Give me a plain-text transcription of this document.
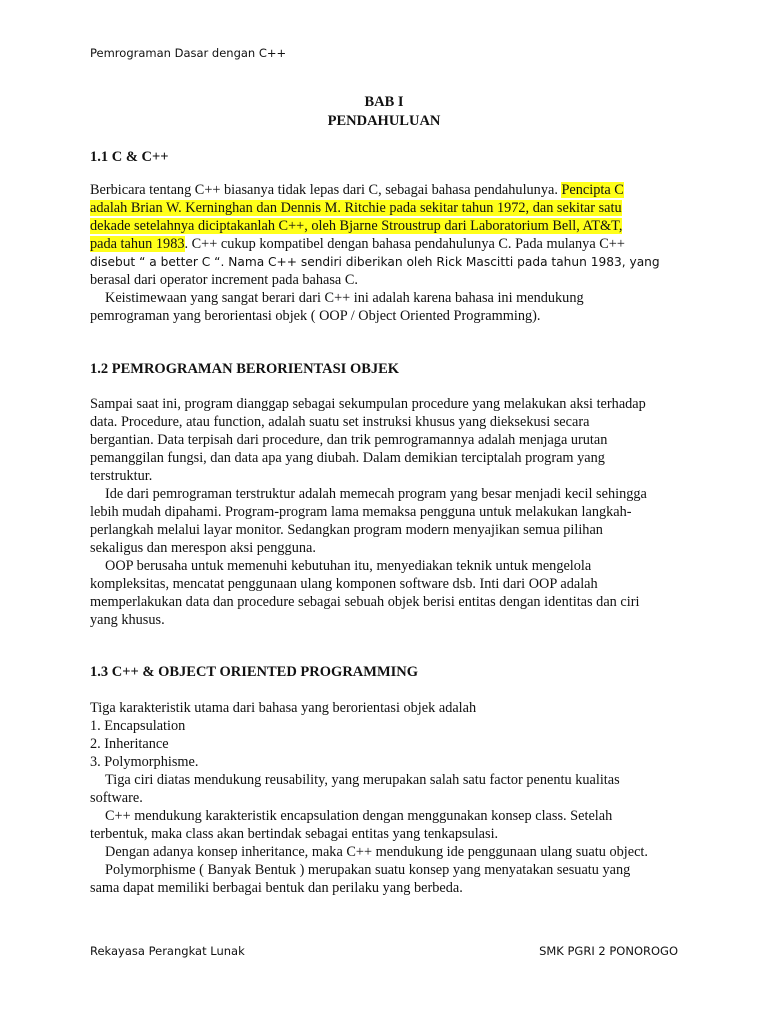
Pemrograman Dasar dengan C++
BAB I
PENDAHULUAN
1.1 C & C++
Berbicara tentang C++ biasanya tidak lepas dari C, sebagai bahasa pendahulunya. Pencipta C
adalah Brian W. Kerninghan dan Dennis M. Ritchie pada sekitar tahun 1972, dan sekitar satu
dekade setelahnya diciptakanlah C++, oleh Bjarne Stroustrup dari Laboratorium Bell, AT&T,
pada tahun 1983. C++ cukup kompatibel dengan bahasa pendahulunya C. Pada mulanya C++
disebut “ a better C “. Nama C++ sendiri diberikan oleh Rick Mascitti pada tahun 1983, yang
berasal dari operator increment pada bahasa C.
Keistimewaan yang sangat berari dari C++ ini adalah karena bahasa ini mendukung
pemrograman yang berorientasi objek ( OOP / Object Oriented Programming).
1.2 PEMROGRAMAN BERORIENTASI OBJEK
Sampai saat ini, program dianggap sebagai sekumpulan procedure yang melakukan aksi terhadap
data. Procedure, atau function, adalah suatu set instruksi khusus yang dieksekusi secara
bergantian. Data terpisah dari procedure, dan trik pemrogramannya adalah menjaga urutan
pemanggilan fungsi, dan data apa yang diubah. Dalam demikian terciptalah program yang
terstruktur.
Ide dari pemrograman terstruktur adalah memecah program yang besar menjadi kecil sehingga
lebih mudah dipahami. Program-program lama memaksa pengguna untuk melakukan langkah-
perlangkah melalui layar monitor. Sedangkan program modern menyajikan semua pilihan
sekaligus dan merespon aksi pengguna.
OOP berusaha untuk memenuhi kebutuhan itu, menyediakan teknik untuk mengelola
kompleksitas, mencatat penggunaan ulang komponen software dsb. Inti dari OOP adalah
memperlakukan data dan procedure sebagai sebuah objek berisi entitas dengan identitas dan ciri
yang khusus.
1.3 C++ & OBJECT ORIENTED PROGRAMMING
Tiga karakteristik utama dari bahasa yang berorientasi objek adalah
1. Encapsulation
2. Inheritance
3. Polymorphisme.
Tiga ciri diatas mendukung reusability, yang merupakan salah satu factor penentu kualitas
software.
C++ mendukung karakteristik encapsulation dengan menggunakan konsep class. Setelah
terbentuk, maka class akan bertindak sebagai entitas yang tenkapsulasi.
Dengan adanya konsep inheritance, maka C++ mendukung ide penggunaan ulang suatu object.
Polymorphisme ( Banyak Bentuk ) merupakan suatu konsep yang menyatakan sesuatu yang
sama dapat memiliki berbagai bentuk dan perilaku yang berbeda.
Rekayasa Perangkat Lunak	SMK PGRI 2 PONOROGO
